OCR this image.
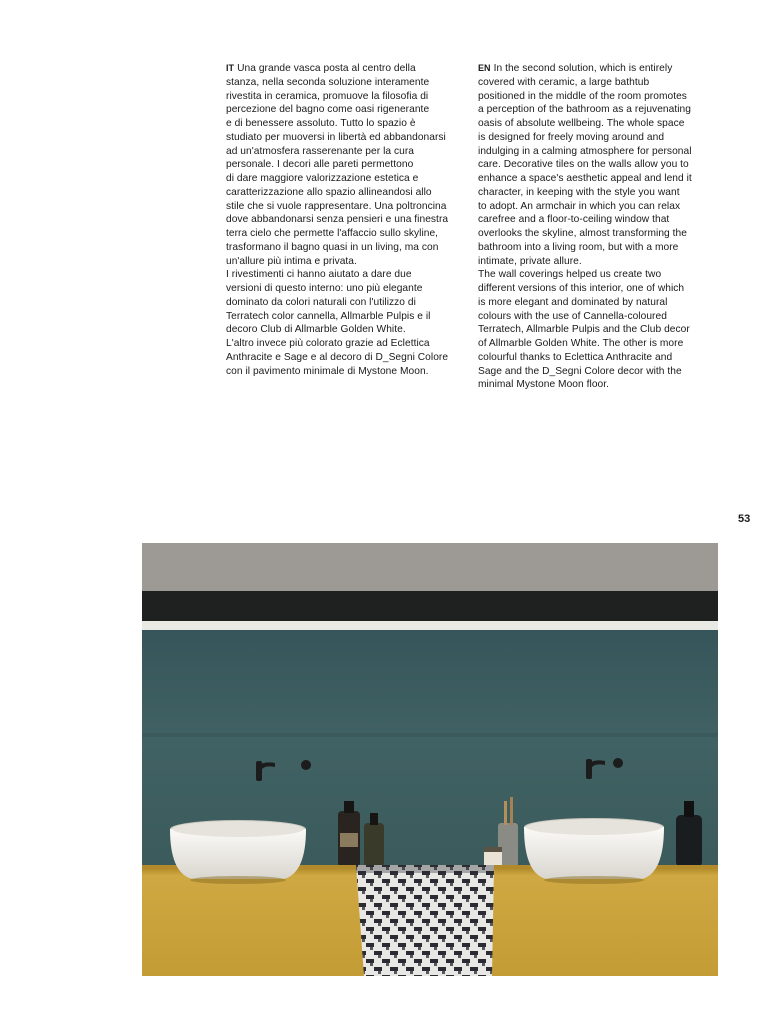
IT Una grande vasca posta al centro della
stanza, nella seconda soluzione interamente
rivestita in ceramica, promuove la filosofia di
percezione del bagno come oasi rigenerante
e di benessere assoluto. Tutto lo spazio è
studiato per muoversi in libertà ed abbandonarsi
ad un'atmosfera rasserenante per la cura
personale. I decori alle pareti permettono
di dare maggiore valorizzazione estetica e
caratterizzazione allo spazio allineandosi allo
stile che si vuole rappresentare. Una poltroncina
dove abbandonarsi senza pensieri e una finestra
terra cielo che permette l'affaccio sullo skyline,
trasformano il bagno quasi in un living, ma con
un'allure più intima e privata.

I rivestimenti ci hanno aiutato a dare due
versioni di questo interno: uno più elegante
dominato da colori naturali con l'utilizzo di
Terratech color cannella, Allmarble Pulpis e il
decoro Club di Allmarble Golden White.
L'altro invece più colorato grazie ad Eclettica
Anthracite e Sage e al decoro di D_Segni Colore
con il pavimento minimale di Mystone Moon.

EN In the second solution, which is entirely
covered with ceramic, a large bathtub
positioned in the middle of the room promotes
a perception of the bathroom as a rejuvenating
oasis of absolute wellbeing. The whole space
is designed for freely moving around and
indulging in a calming atmosphere for personal
care. Decorative tiles on the walls allow you to
enhance a space's aesthetic appeal and lend it
character, in keeping with the style you want
to adopt. An armchair in which you can relax
carefree and a floor-to-ceiling window that
overlooks the skyline, almost transforming the
bathroom into a living room, but with a more
intimate, private allure.

The wall coverings helped us create two
different versions of this interior, one of which
is more elegant and dominated by natural
colours with the use of Cannella-coloured
Terratech, Allmarble Pulpis and the Club decor
of Allmarble Golden White. The other is more
colourful thanks to Eclettica Anthracite and
Sage and the D_Segni Colore decor with the
minimal Mystone Moon floor.

53
